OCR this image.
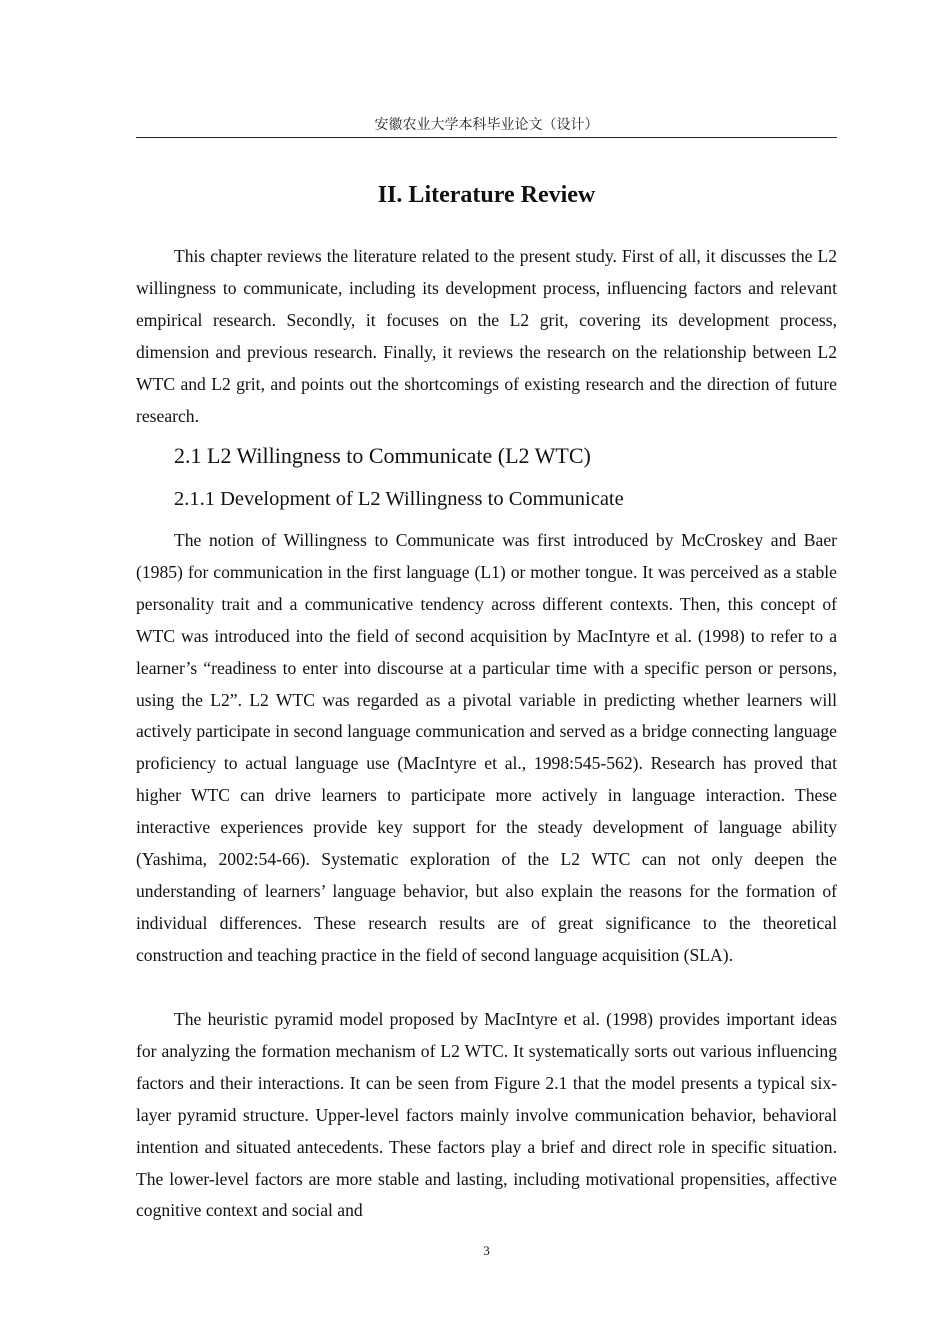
安徽农业大学本科毕业论文（设计）
II. Literature Review

This chapter reviews the literature related to the present study. First of all, it discusses the L2 willingness to communicate, including its development process, influencing factors and relevant empirical research. Secondly, it focuses on the L2 grit, covering its development process, dimension and previous research. Finally, it reviews the research on the relationship between L2 WTC and L2 grit, and points out the shortcomings of existing research and the direction of future research.

2.1 L2 Willingness to Communicate (L2 WTC)
2.1.1 Development of L2 Willingness to Communicate

The notion of Willingness to Communicate was first introduced by McCroskey and Baer (1985) for communication in the first language (L1) or mother tongue. It was perceived as a stable personality trait and a communicative tendency across different contexts. Then, this concept of WTC was introduced into the field of second acquisition by MacIntyre et al. (1998) to refer to a learner’s “readiness to enter into discourse at a particular time with a specific person or persons, using the L2”. L2 WTC was regarded as a pivotal variable in predicting whether learners will actively participate in second language communication and served as a bridge connecting language proficiency to actual language use (MacIntyre et al., 1998:545-562). Research has proved that higher WTC can drive learners to participate more actively in language interaction. These interactive experiences provide key support for the steady development of language ability (Yashima, 2002:54-66). Systematic exploration of the L2 WTC can not only deepen the understanding of learners’ language behavior, but also explain the reasons for the formation of individual differences. These research results are of great significance to the theoretical construction and teaching practice in the field of second language acquisition (SLA).

The heuristic pyramid model proposed by MacIntyre et al. (1998) provides important ideas for analyzing the formation mechanism of L2 WTC. It systematically sorts out various influencing factors and their interactions. It can be seen from Figure 2.1 that the model presents a typical six-layer pyramid structure. Upper-level factors mainly involve communication behavior, behavioral intention and situated antecedents. These factors play a brief and direct role in specific situation. The lower-level factors are more stable and lasting, including motivational propensities, affective cognitive context and social and

3
